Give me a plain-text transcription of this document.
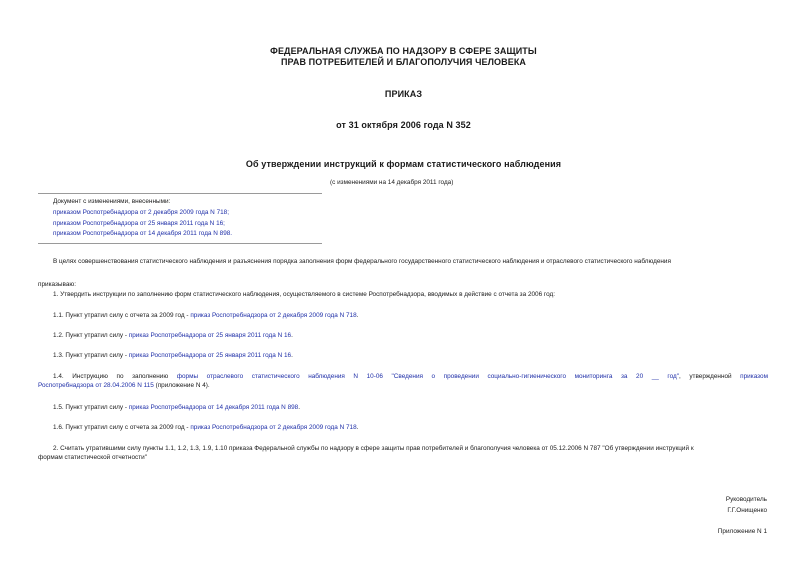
ФЕДЕРАЛЬНАЯ СЛУЖБА ПО НАДЗОРУ В СФЕРЕ ЗАЩИТЫ
ПРАВ ПОТРЕБИТЕЛЕЙ И БЛАГОПОЛУЧИЯ ЧЕЛОВЕКА
ПРИКАЗ
от 31 октября 2006 года N 352
Об утверждении инструкций к формам статистического наблюдения
(с изменениями на 14 декабря 2011 года)
Документ с изменениями, внесенными:
приказом Роспотребнадзора от 2 декабря 2009 года N 718;
приказом Роспотребнадзора от 25 января 2011 года N 16;
приказом Роспотребнадзора от 14 декабря 2011 года N 898.
В целях совершенствования статистического наблюдения и разъяснения порядка заполнения форм федерального государственного статистического наблюдения и отраслевого статистического наблюдения
приказываю:
1. Утвердить инструкции по заполнению форм статистического наблюдения, осуществляемого в системе Роспотребнадзора, вводимых в действие с отчета за 2006 год:
1.1. Пункт утратил силу с отчета за 2009 год - приказ Роспотребнадзора от 2 декабря 2009 года N 718.
1.2. Пункт утратил силу - приказ Роспотребнадзора от 25 января 2011 года N 16.
1.3. Пункт утратил силу - приказ Роспотребнадзора от 25 января 2011 года N 16.
1.4. Инструкцию по заполнению формы отраслевого статистического наблюдения N 10-06 "Сведения о проведении социально-гигиенического мониторинга за 20 __ год", утвержденной приказом
Роспотребнадзора от 28.04.2006 N 115 (приложение N 4).
1.5. Пункт утратил силу - приказ Роспотребнадзора от 14 декабря 2011 года N 898.
1.6. Пункт утратил силу с отчета за 2009 год - приказ Роспотребнадзора от 2 декабря 2009 года N 718.
2. Считать утратившими силу пункты 1.1, 1.2, 1.3, 1.9, 1.10 приказа Федеральной службы по надзору в сфере защиты прав потребителей и благополучия человека от 05.12.2006 N 787 "Об утверждении инструкций к
формам статистической отчетности"
Руководитель
Г.Г.Онищенко
Приложение N 1
